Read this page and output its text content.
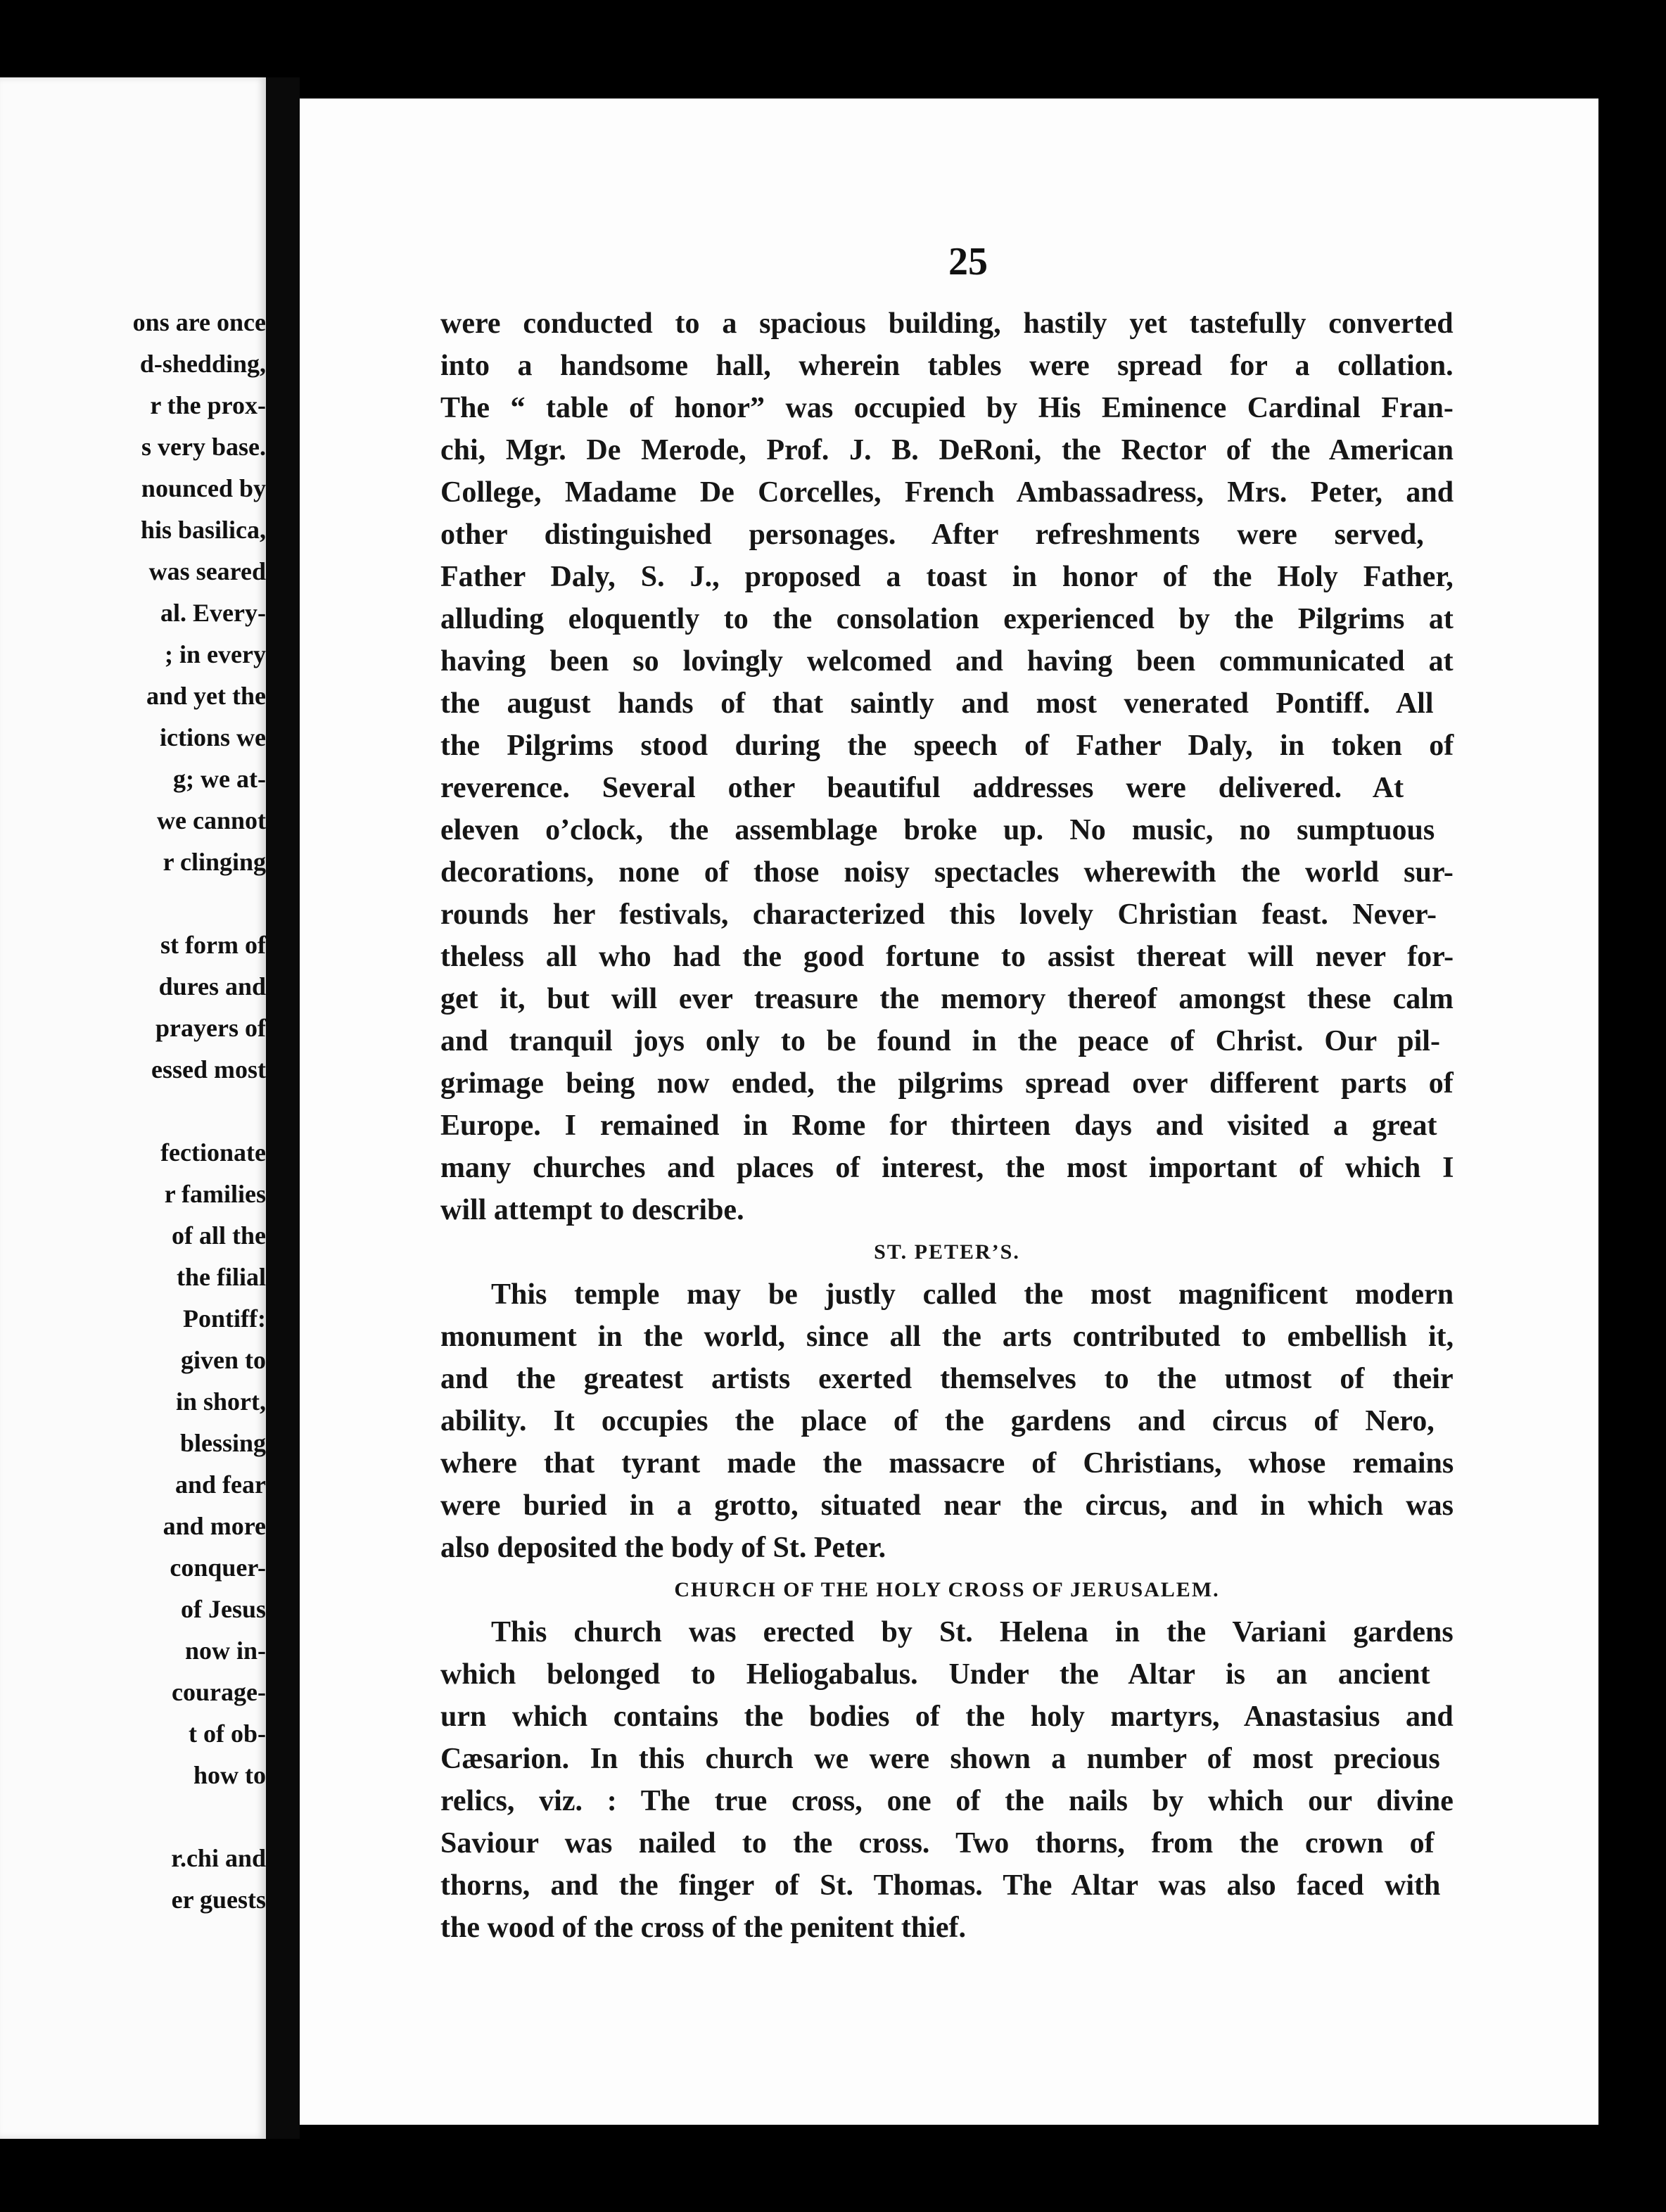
ons are once
d-shedding,
r the prox-
s very base.
nounced by
his basilica,
was seared
al. Every-
; in every
and yet the
ictions we
g; we at-
we cannot
r clinging
st form of
dures and
prayers of
essed most
fectionate
r families
of all the
the filial
Pontiff:
given to
in short,
blessing
and fear
and more
conquer-
of Jesus
now in-
courage-
t of ob-
how to
r.chi and
er guests
25
were conducted to a spacious building, hastily yet tastefully converted
into a handsome hall, wherein tables were spread for a collation.
The “ table of honor” was occupied by His Eminence Cardinal Fran-
chi, Mgr. De Merode, Prof. J. B. DeRoni, the Rector of the American
College, Madame De Corcelles, French Ambassadress, Mrs. Peter, and
other distinguished personages. After refreshments were served,
Father Daly, S. J., proposed a toast in honor of the Holy Father,
alluding eloquently to the consolation experienced by the Pilgrims at
having been so lovingly welcomed and having been communicated at
the august hands of that saintly and most venerated Pontiff. All
the Pilgrims stood during the speech of Father Daly, in token of
reverence. Several other beautiful addresses were delivered. At
eleven o’clock, the assemblage broke up. No music, no sumptuous
decorations, none of those noisy spectacles wherewith the world sur-
rounds her festivals, characterized this lovely Christian feast. Never-
theless all who had the good fortune to assist thereat will never for-
get it, but will ever treasure the memory thereof amongst these calm
and tranquil joys only to be found in the peace of Christ. Our pil-
grimage being now ended, the pilgrims spread over different parts of
Europe. I remained in Rome for thirteen days and visited a great
many churches and places of interest, the most important of which I
will attempt to describe.
ST. PETER’S.
This temple may be justly called the most magnificent modern
monument in the world, since all the arts contributed to embellish it,
and the greatest artists exerted themselves to the utmost of their
ability. It occupies the place of the gardens and circus of Nero,
where that tyrant made the massacre of Christians, whose remains
were buried in a grotto, situated near the circus, and in which was
also deposited the body of St. Peter.
CHURCH OF THE HOLY CROSS OF JERUSALEM.
This church was erected by St. Helena in the Variani gardens
which belonged to Heliogabalus. Under the Altar is an ancient
urn which contains the bodies of the holy martyrs, Anastasius and
Cæsarion. In this church we were shown a number of most precious
relics, viz. : The true cross, one of the nails by which our divine
Saviour was nailed to the cross. Two thorns, from the crown of
thorns, and the finger of St. Thomas. The Altar was also faced with
the wood of the cross of the penitent thief.
